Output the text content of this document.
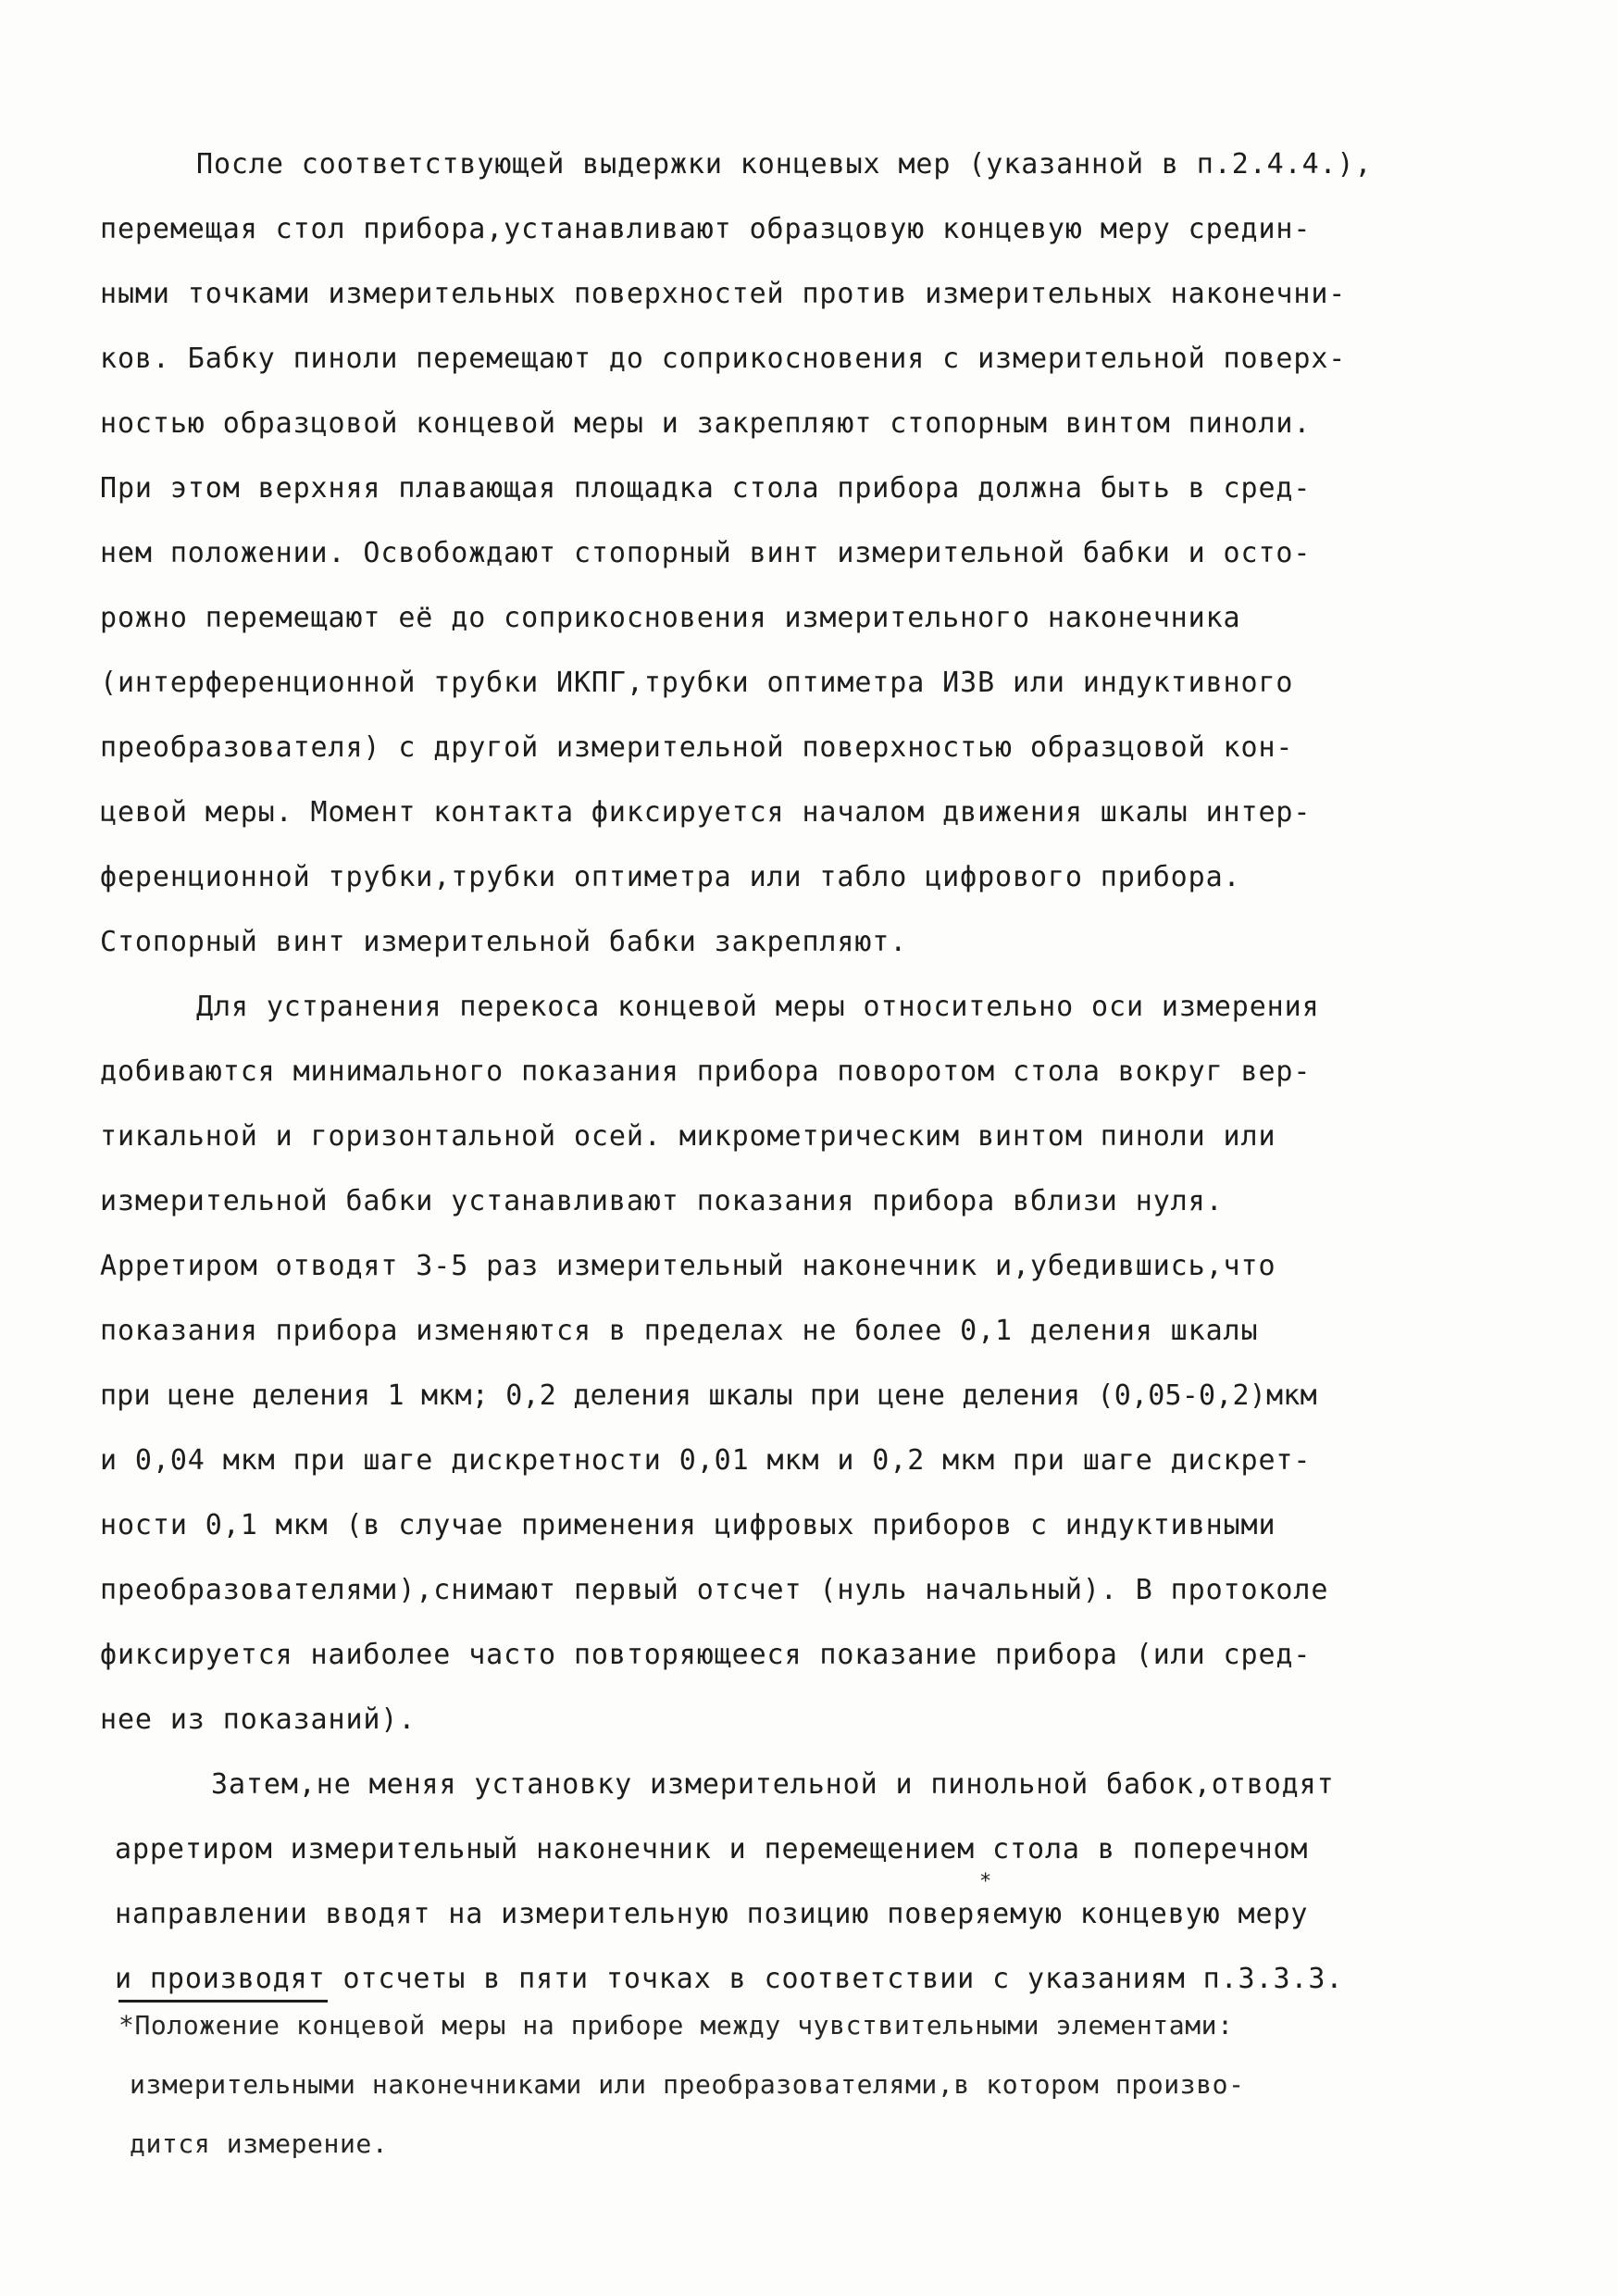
После соответствующей выдержки концевых мер (указанной в п.2.4.4.),
перемещая стол прибора,устанавливают образцовую концевую меру средин-
ными точками измерительных поверхностей против измерительных наконечни-
ков. Бабку пиноли перемещают до соприкосновения с измерительной поверх-
ностью образцовой концевой меры и закрепляют стопорным винтом пиноли.
При этом верхняя плавающая площадка стола прибора должна быть в сред-
нем положении. Освобождают стопорный винт измерительной бабки и осто-
рожно перемещают её до соприкосновения измерительного наконечника
(интерференционной трубки ИКПГ,трубки оптиметра ИЗВ или индуктивного
преобразователя) с другой измерительной поверхностью образцовой кон-
цевой меры. Момент контакта фиксируется началом движения шкалы интер-
ференционной трубки,трубки оптиметра или табло цифрового прибора.
Стопорный винт измерительной бабки закрепляют.
Для устранения перекоса концевой меры относительно оси измерения
добиваются минимального показания прибора поворотом стола вокруг вер-
тикальной и горизонтальной осей. микрометрическим винтом пиноли или
измерительной бабки устанавливают показания прибора вблизи нуля.
Арретиром отводят 3-5 раз измерительный наконечник и,убедившись,что
показания прибора изменяются в пределах не более 0,1 деления шкалы
при цене деления 1 мкм; 0,2 деления шкалы при цене деления (0,05-0,2)мкм
и 0,04 мкм при шаге дискретности 0,01 мкм и 0,2 мкм при шаге дискрет-
ности 0,1 мкм (в случае применения цифровых приборов с индуктивными
преобразователями),снимают первый отсчет (нуль начальный). В протоколе
фиксируется наиболее часто повторяющееся показание прибора (или сред-
нее из показаний).
Затем,не меняя установку измерительной и пинольной бабок,отводят
арретиром измерительный наконечник и перемещением стола в поперечном
направлении вводят на измерительную позицию поверяемую концевую меру
*
и производят отсчеты в пяти точках в соответствии с указаниям п.3.3.3.
*Положение концевой меры на приборе между чувствительными элементами:
измерительными наконечниками или преобразователями,в котором произво-
дится измерение.
